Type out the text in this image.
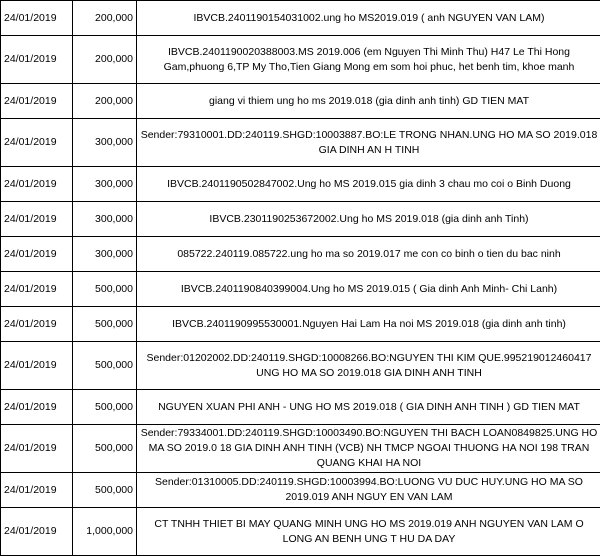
24/01/2019	200,000	IBVCB.2401190154031002.ung ho MS2019.019 ( anh NGUYEN VAN LAM)
24/01/2019	200,000	IBVCB.2401190020388003.MS 2019.006 (em Nguyen Thi Minh Thu) H47 Le Thi Hong Gam,phuong 6,TP My Tho,Tien Giang Mong em som hoi phuc, het benh tim, khoe manh
24/01/2019	200,000	giang vi thiem ung ho ms 2019.018 (gia dinh anh tinh) GD TIEN MAT
24/01/2019	300,000	Sender:79310001.DD:240119.SHGD:10003887.BO:LE TRONG NHAN.UNG HO MA SO 2019.018 GIA DINH AN H TINH
24/01/2019	300,000	IBVCB.2401190502847002.Ung ho MS 2019.015 gia dinh 3 chau mo coi o Binh Duong
24/01/2019	300,000	IBVCB.2301190253672002.Ung ho MS 2019.018 (gia dinh anh Tinh)
24/01/2019	300,000	085722.240119.085722.ung ho ma so 2019.017 me con co binh o tien du bac ninh
24/01/2019	500,000	IBVCB.2401190840399004.Ung ho MS 2019.015 ( Gia dinh Anh Minh- Chi Lanh)
24/01/2019	500,000	IBVCB.2401190995530001.Nguyen Hai Lam Ha noi MS 2019.018 (gia dinh anh tinh)
24/01/2019	500,000	Sender:01202002.DD:240119.SHGD:10008266.BO:NGUYEN THI KIM QUE.995219012460417 UNG HO MA SO 2019.018 GIA DINH ANH TINH
24/01/2019	500,000	NGUYEN XUAN PHI ANH - UNG HO MS 2019.018 ( GIA DINH ANH TINH ) GD TIEN MAT
24/01/2019	500,000	Sender:79334001.DD:240119.SHGD:10003490.BO:NGUYEN THI BACH LOAN0849825.UNG HO MA SO 2019.0 18 GIA DINH ANH TINH (VCB) NH TMCP NGOAI THUONG HA NOI 198 TRAN QUANG KHAI HA NOI
24/01/2019	500,000	Sender:01310005.DD:240119.SHGD:10003994.BO:LUONG VU DUC HUY.UNG HO MA SO 2019.019 ANH NGUY EN VAN LAM
24/01/2019	1,000,000	CT TNHH THIET BI MAY QUANG MINH UNG HO MS 2019.019 ANH NGUYEN VAN LAM O LONG AN BENH UNG T HU DA DAY
